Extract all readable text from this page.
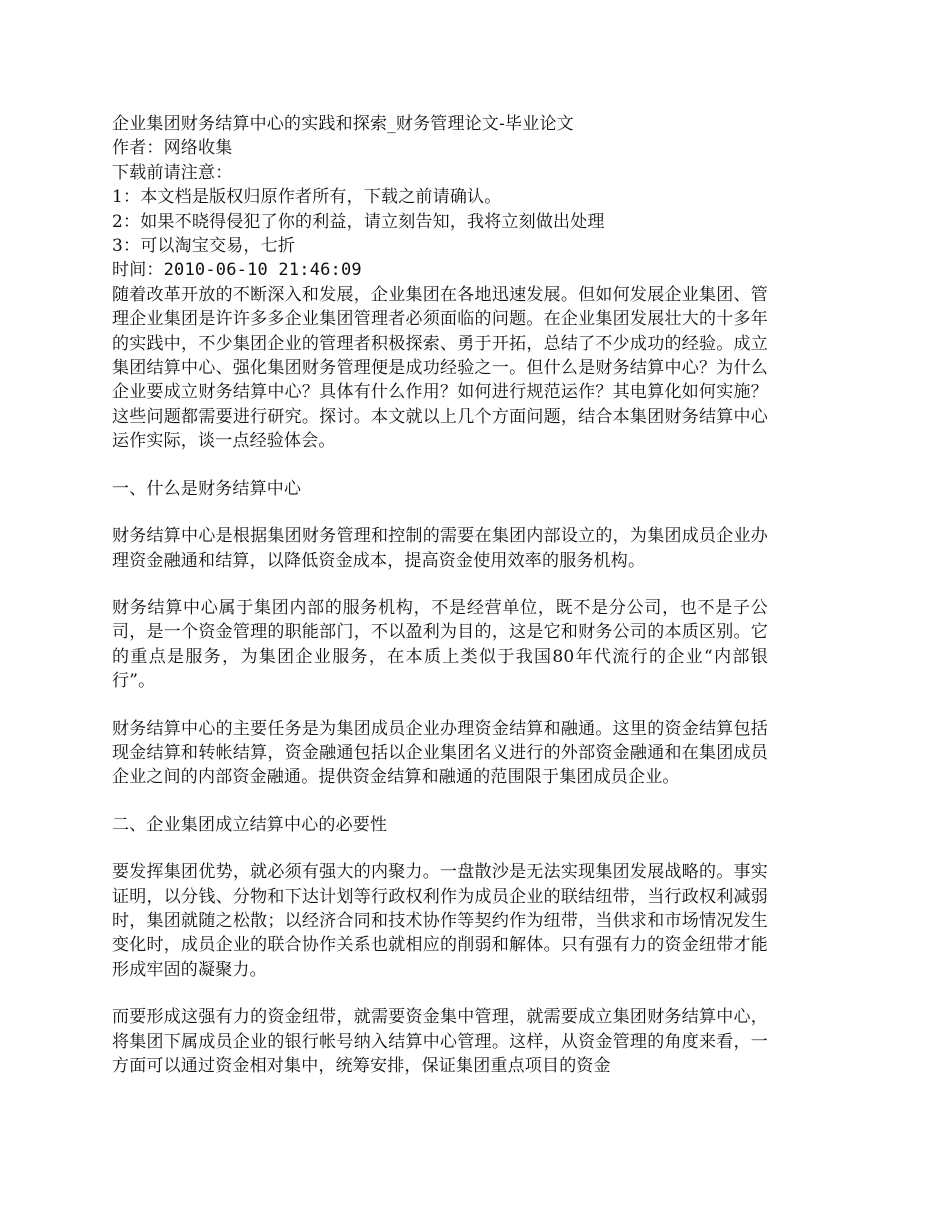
企业集团财务结算中心的实践和探索_财务管理论文-毕业论文
作者：网络收集
下载前请注意：
1：本文档是版权归原作者所有，下载之前请确认。
2：如果不晓得侵犯了你的利益，请立刻告知，我将立刻做出处理
3：可以淘宝交易，七折
时间：2010-06-10 21:46:09
随着改革开放的不断深入和发展，企业集团在各地迅速发展。但如何发展企业集团、管理企业集团是许许多多企业集团管理者必须面临的问题。在企业集团发展壮大的十多年的实践中，不少集团企业的管理者积极探索、勇于开拓，总结了不少成功的经验。成立集团结算中心、强化集团财务管理便是成功经验之一。但什么是财务结算中心？为什么企业要成立财务结算中心？具体有什么作用？如何进行规范运作？其电算化如何实施？这些问题都需要进行研究。探讨。本文就以上几个方面问题，结合本集团财务结算中心运作实际，谈一点经验体会。
一、什么是财务结算中心
财务结算中心是根据集团财务管理和控制的需要在集团内部设立的，为集团成员企业办理资金融通和结算，以降低资金成本，提高资金使用效率的服务机构。
财务结算中心属于集团内部的服务机构，不是经营单位，既不是分公司，也不是子公司，是一个资金管理的职能部门，不以盈利为目的，这是它和财务公司的本质区别。它的重点是服务，为集团企业服务，在本质上类似于我国80年代流行的企业“内部银行”。
财务结算中心的主要任务是为集团成员企业办理资金结算和融通。这里的资金结算包括现金结算和转帐结算，资金融通包括以企业集团名义进行的外部资金融通和在集团成员企业之间的内部资金融通。提供资金结算和融通的范围限于集团成员企业。
二、企业集团成立结算中心的必要性
要发挥集团优势，就必须有强大的内聚力。一盘散沙是无法实现集团发展战略的。事实证明，以分钱、分物和下达计划等行政权利作为成员企业的联结纽带，当行政权利减弱时，集团就随之松散；以经济合同和技术协作等契约作为纽带，当供求和市场情况发生变化时，成员企业的联合协作关系也就相应的削弱和解体。只有强有力的资金纽带才能形成牢固的凝聚力。
而要形成这强有力的资金纽带，就需要资金集中管理，就需要成立集团财务结算中心，将集团下属成员企业的银行帐号纳入结算中心管理。这样，从资金管理的角度来看，一方面可以通过资金相对集中，统筹安排，保证集团重点项目的资金
